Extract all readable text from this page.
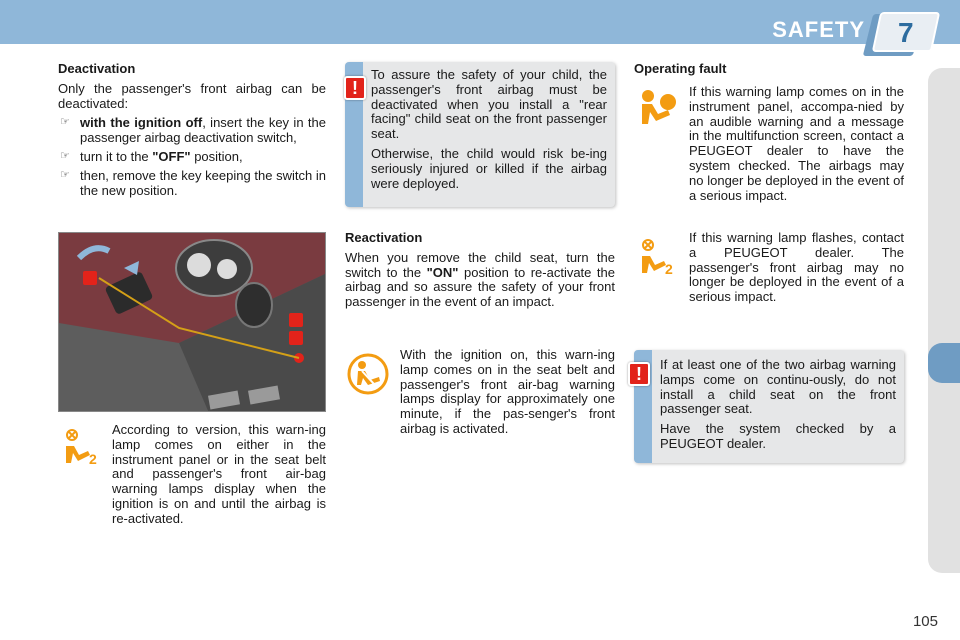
SAFETY	7
Deactivation

Only the passenger's front airbag can be deactivated:

☞ with the ignition off, insert the key in the passenger airbag deactivation switch,
☞ turn it to the "OFF" position,
☞ then, remove the key keeping the switch in the new position.

To assure the safety of your child, the passenger's front airbag must be deactivated when you install a "rear facing" child seat on the front passenger seat.

Otherwise, the child would risk be-ing seriously injured or killed if the airbag were deployed.

!
Operating fault

If this warning lamp comes on in the instrument panel, accompa-nied by an audible warning and a message in the multifunction screen, contact a PEUGEOT dealer to have the system checked. The airbags may no longer be deployed in the event of a serious impact.

2
If this warning lamp flashes, contact a PEUGEOT dealer. The passenger's front airbag may no longer be deployed in the event of a serious impact.
Reactivation

When you remove the child seat, turn the switch to the "ON" position to re-activate the airbag and so assure the safety of your front passenger in the event of an impact.

With the ignition on, this warn-ing lamp comes on in the seat belt and passenger's front air-bag warning lamps display for approximately one minute, if the pas-senger's front airbag is activated.
2
According to version, this warn-ing lamp comes on either in the instrument panel or in the seat belt and passenger's front air-bag warning lamps display when the ignition is on and until the airbag is re-activated.

If at least one of the two airbag warning lamps come on continu-ously, do not install a child seat on the front passenger seat.

Have the system checked by a PEUGEOT dealer.

!
105
